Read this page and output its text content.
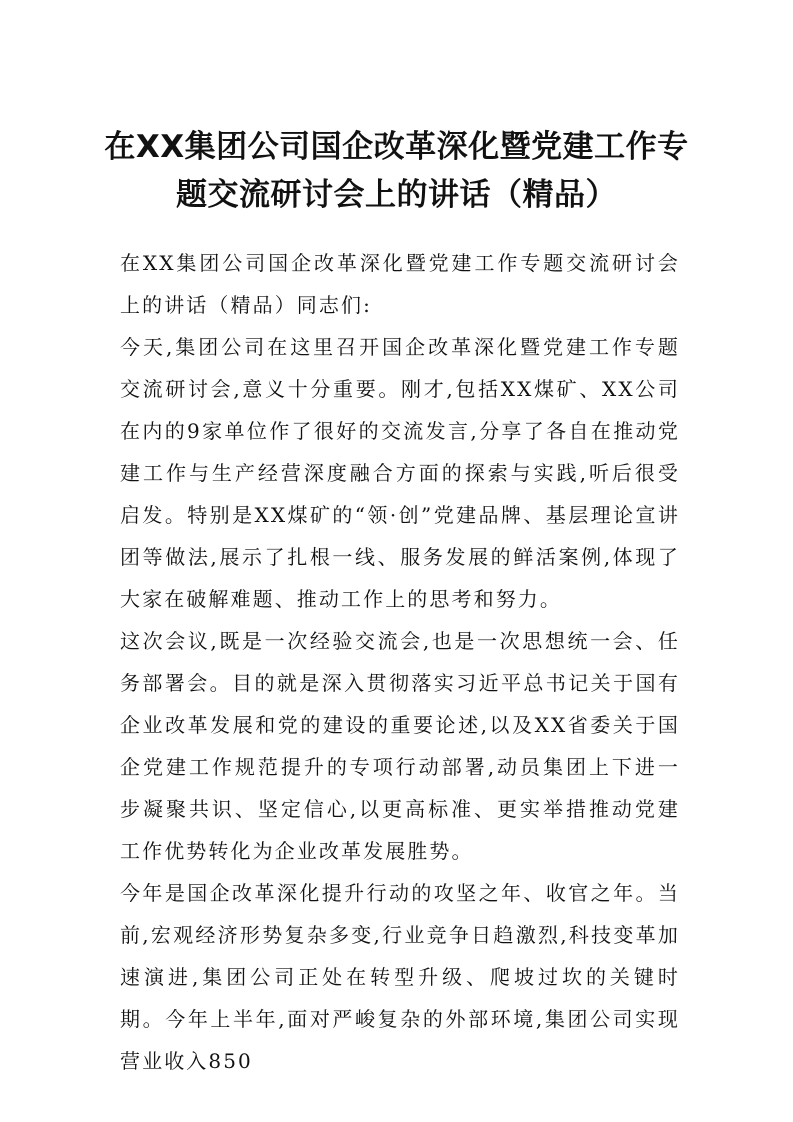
在XX集团公司国企改革深化暨党建工作专
题交流研讨会上的讲话（精品）

在XX集团公司国企改革深化暨党建工作专题交流研讨会上的讲话（精品）同志们:

今天,集团公司在这里召开国企改革深化暨党建工作专题交流研讨会,意义十分重要。刚才,包括XX煤矿、XX公司在内的9家单位作了很好的交流发言,分享了各自在推动党建工作与生产经营深度融合方面的探索与实践,听后很受启发。特别是XX煤矿的“领·创”党建品牌、基层理论宣讲团等做法,展示了扎根一线、服务发展的鲜活案例,体现了大家在破解难题、推动工作上的思考和努力。

这次会议,既是一次经验交流会,也是一次思想统一会、任务部署会。目的就是深入贯彻落实习近平总书记关于国有企业改革发展和党的建设的重要论述,以及XX省委关于国企党建工作规范提升的专项行动部署,动员集团上下进一步凝聚共识、坚定信心,以更高标准、更实举措推动党建工作优势转化为企业改革发展胜势。

今年是国企改革深化提升行动的攻坚之年、收官之年。当前,宏观经济形势复杂多变,行业竞争日趋激烈,科技变革加速演进,集团公司正处在转型升级、爬坡过坎的关键时期。今年上半年,面对严峻复杂的外部环境,集团公司实现营业收入850
